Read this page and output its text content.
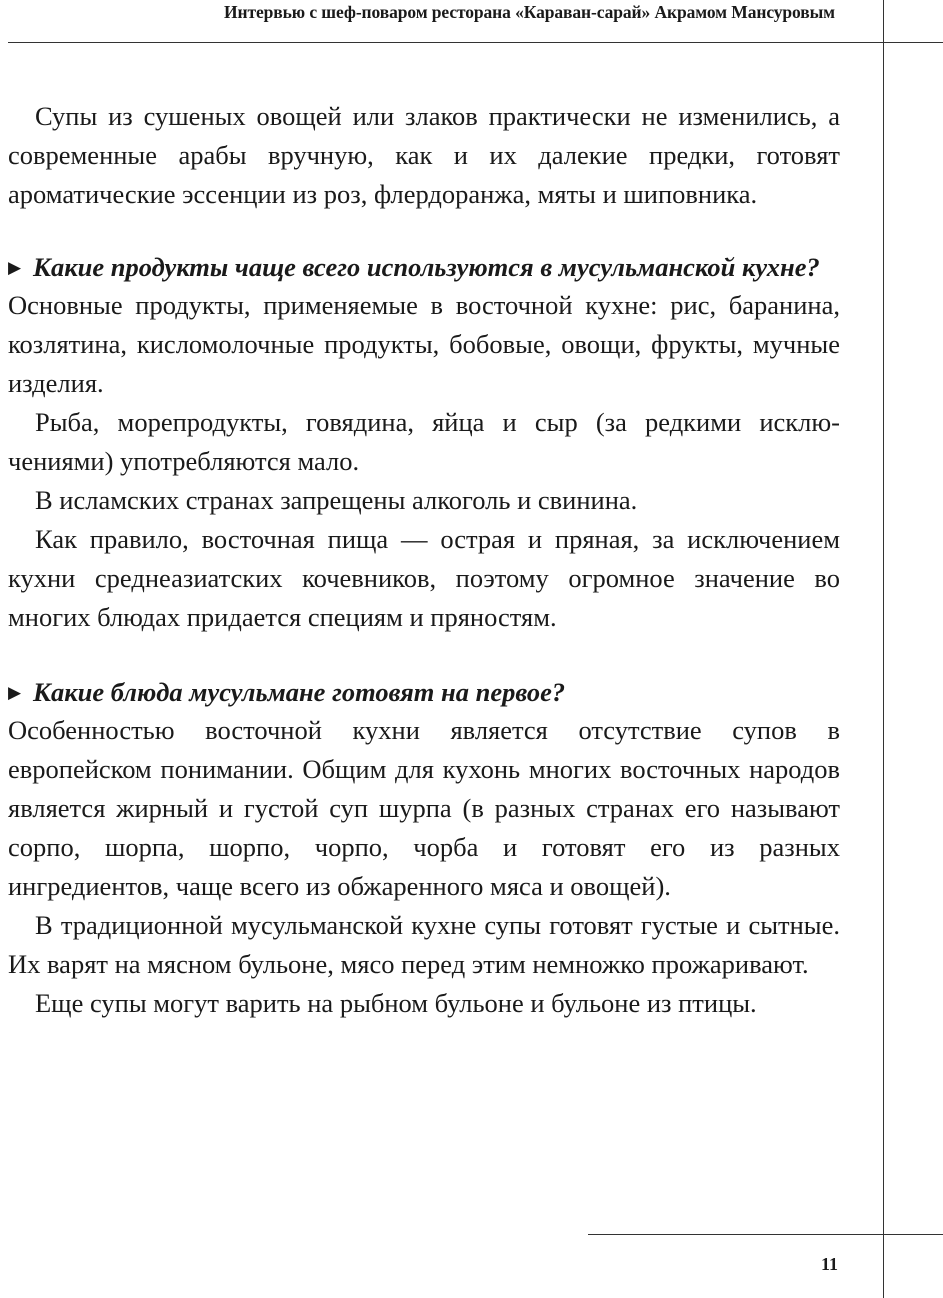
Интервью с шеф-поваром ресторана «Караван-сарай» Акрамом Мансуровым

Супы из сушеных овощей или злаков практически не изменились, а современные арабы вручную, как и их далекие предки, готовят ароматические эссенции из роз, флердоранжа, мяты и шиповника.

▶ Какие продукты чаще всего используются в мусульманской кухне?

Основные продукты, применяемые в восточной кухне: рис, баранина, козлятина, кисломолочные продукты, бобовые, овощи, фрукты, мучные изделия.

Рыба, морепродукты, говядина, яйца и сыр (за редкими исключениями) употребляются мало.

В исламских странах запрещены алкоголь и свинина.

Как правило, восточная пища — острая и пряная, за исключением кухни среднеазиатских кочевников, поэтому огромное значение во многих блюдах придается специям и пряностям.

▶ Какие блюда мусульмане готовят на первое?

Особенностью восточной кухни является отсутствие супов в европейском понимании. Общим для кухонь многих восточных народов является жирный и густой суп шурпа (в разных странах его называют сорпо, шорпа, шорпо, чорпо, чорба и готовят его из разных ингредиентов, чаще всего из обжаренного мяса и овощей).

В традиционной мусульманской кухне супы готовят густые и сытные. Их варят на мясном бульоне, мясо перед этим немножко прожаривают.

Еще супы могут варить на рыбном бульоне и бульоне из птицы.

11
